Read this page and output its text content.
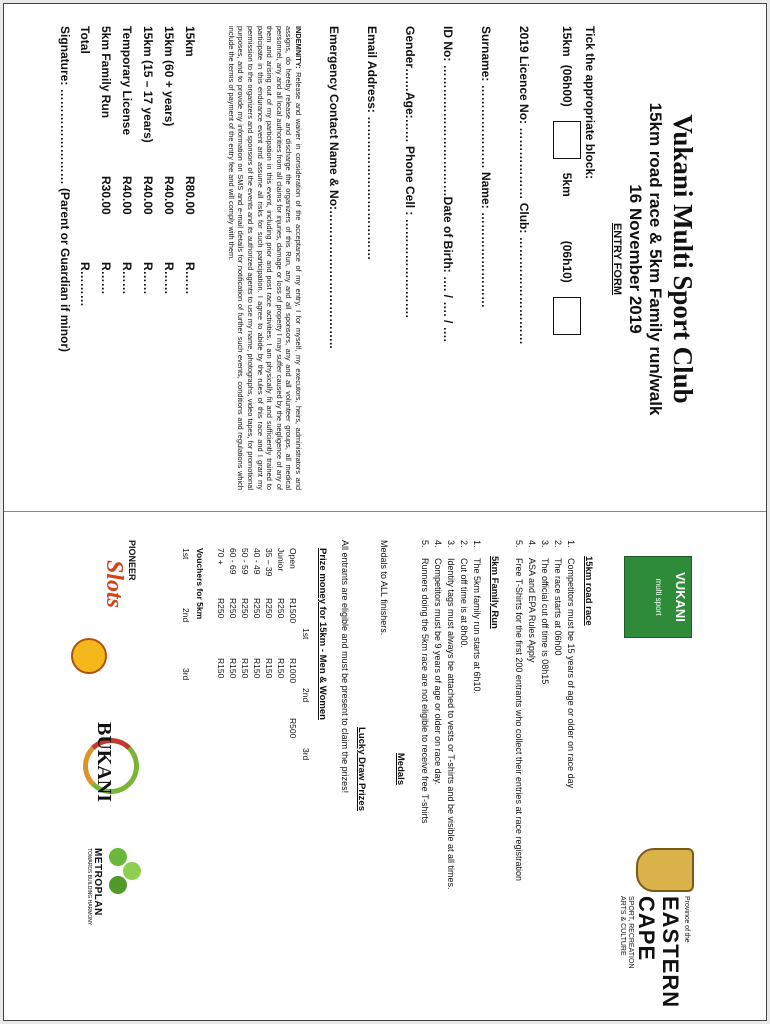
Vukani Multi Sport Club
15km road race & 5km Family run/walk
16 November 2019
ENTRY FORM
Tick the appropriate block:
15km
(06h00)
5km
(06h10)
2019 Licence No: ……………… Club: ………………………
Surname: ………………… Name: ……………………
ID No: ……………………………Date of Birth: …. / …. / ….
Gender……Age:…… Phone Cell : …………………….
Email Address: ………………………………
Emergency Contact Name & No:……………………………..
INDEMNITY: Release and waiver in consideration of the acceptance of my entry, I for myself, my executors, heirs, administrators and assigns, do hereby release and discharge the organizers of this Run, any and all sponsors, any and all volunteer groups, all medical personnel, any and all local authorities from all claims for injuries, damage or loss of property I may suffer caused by the negligence of any of them and arising out of my participation in this event, including prior and post race activities. I am physically fit and sufficiently trained to participate in this endurance event and assume all risks for such participation. I agree to abide by the rules of this race and I grant my permission to the organizers and sponsors of the events and its authorized agents to use my name, photographs, video tapes, for promotional purposes, and to provide my information on SMS and e-mail details for notification of further such events, conditions and regulations which include the terms of payment of the entry fee and will comply with them.
15km
R80.00
R……
15km (60 + years)
R40.00
R……
15km (15 – 17 years)
R40.00
R……
Temporary License
R40.00
R……
5km Family Run
R30.00
R……
Total
R………
Signature: …………………… (Parent or Guardian if minor)
VUKANI
multi sport
Province of the
EASTERN CAPE
SPORT, RECREATION
ARTS & CULTURE
15km road race
1.
Competitors must be 15 years of age or older on race day
2.
The race starts at 06h00
3.
The official cut off time is 08h15
4.
ASA and EPA Rules Apply
5.
Free T-Shirts for the first 200 entrants who collect their entries at race registration
5km Family Run
1.
The 5km family run starts at 6h10.
2.
Cut off time is at 8h00.
3.
Identity tags must always be attached to vests or T-shirts and be visible at all times.
4.
Competitors must be 9 years of age or older on race day.
5.
Runners doing the 5km race are not eligible to receive free T-shirts
Medals
Medals to ALL finishers.
Lucky Draw Prizes
All entrants are eligible and must be present to claim the prizes!
Prize money for 15km - Men & Women
1st
2nd
3rd
Open
R1500
R1000
R500
Junior
R250
R150
35 – 39
R250
R150
40 - 49
R250
R150
50 - 59
R250
R150
60 - 69
R250
R150
70 +
R250
R150
Vouchers for 5km
1st
2nd
3rd
PIONEER
Slots
BUKANI
METROPLAN
TOWARDS BUILDING HARMONY
